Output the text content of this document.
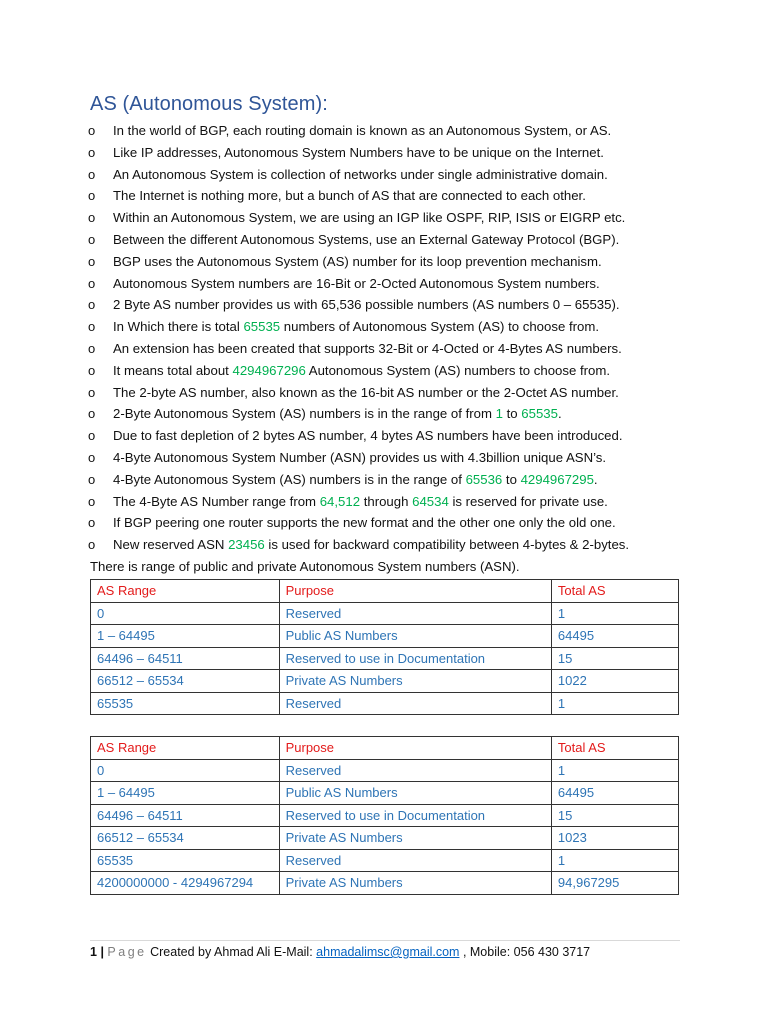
AS (Autonomous System):
o In the world of BGP, each routing domain is known as an Autonomous System, or AS.
o Like IP addresses, Autonomous System Numbers have to be unique on the Internet.
o An Autonomous System is collection of networks under single administrative domain.
o The Internet is nothing more, but a bunch of AS that are connected to each other.
o Within an Autonomous System, we are using an IGP like OSPF, RIP, ISIS or EIGRP etc.
o Between the different Autonomous Systems, use an External Gateway Protocol (BGP).
o BGP uses the Autonomous System (AS) number for its loop prevention mechanism.
o Autonomous System numbers are 16-Bit or 2-Octed Autonomous System numbers.
o 2 Byte AS number provides us with 65,536 possible numbers (AS numbers 0 – 65535).
o In Which there is total 65535 numbers of Autonomous System (AS) to choose from.
o An extension has been created that supports 32-Bit or 4-Octed or 4-Bytes AS numbers.
o It means total about 4294967296 Autonomous System (AS) numbers to choose from.
o The 2-byte AS number, also known as the 16-bit AS number or the 2-Octet AS number.
o 2-Byte Autonomous System (AS) numbers is in the range of from 1 to 65535.
o Due to fast depletion of 2 bytes AS number, 4 bytes AS numbers have been introduced.
o 4-Byte Autonomous System Number (ASN) provides us with 4.3billion unique ASN’s.
o 4-Byte Autonomous System (AS) numbers is in the range of 65536 to 4294967295.
o The 4-Byte AS Number range from 64,512 through 64534 is reserved for private use.
o If BGP peering one router supports the new format and the other one only the old one.
o New reserved ASN 23456 is used for backward compatibility between 4-bytes & 2-bytes.
There is range of public and private Autonomous System numbers (ASN).
AS Range	Purpose	Total AS
0	Reserved	1
1 – 64495	Public AS Numbers	64495
64496 – 64511	Reserved to use in Documentation	15
66512 – 65534	Private AS Numbers	1022
65535	Reserved	1
AS Range	Purpose	Total AS
0	Reserved	1
1 – 64495	Public AS Numbers	64495
64496 – 64511	Reserved to use in Documentation	15
66512 – 65534	Private AS Numbers	1023
65535	Reserved	1
4200000000 - 4294967294	Private AS Numbers	94,967295
1 | Page Created by Ahmad Ali E-Mail: ahmadalimsc@gmail.com , Mobile: 056 430 3717
